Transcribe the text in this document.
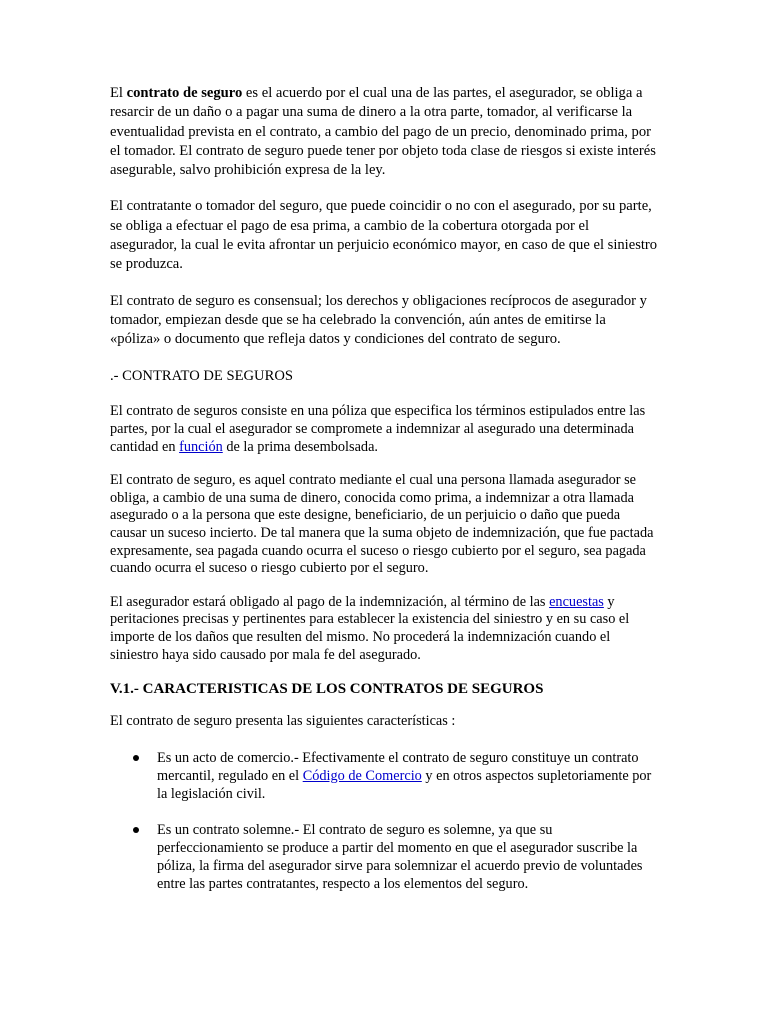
El contrato de seguro es el acuerdo por el cual una de las partes, el asegurador, se obliga a resarcir de un daño o a pagar una suma de dinero a la otra parte, tomador, al verificarse la eventualidad prevista en el contrato, a cambio del pago de un precio, denominado prima, por el tomador. El contrato de seguro puede tener por objeto toda clase de riesgos si existe interés asegurable, salvo prohibición expresa de la ley.

El contratante o tomador del seguro, que puede coincidir o no con el asegurado, por su parte, se obliga a efectuar el pago de esa prima, a cambio de la cobertura otorgada por el asegurador, la cual le evita afrontar un perjuicio económico mayor, en caso de que el siniestro se produzca.

El contrato de seguro es consensual; los derechos y obligaciones recíprocos de asegurador y tomador, empiezan desde que se ha celebrado la convención, aún antes de emitirse la «póliza» o documento que refleja datos y condiciones del contrato de seguro.

.- CONTRATO DE SEGUROS

El contrato de seguros consiste en una póliza que especifica los términos estipulados entre las partes, por la cual el asegurador se compromete a indemnizar al asegurado una determinada cantidad en función de la prima desembolsada.

El contrato de seguro, es aquel contrato mediante el cual una persona llamada asegurador se obliga, a cambio de una suma de dinero, conocida como prima, a indemnizar a otra llamada asegurado o a la persona que este designe, beneficiario, de un perjuicio o daño que pueda causar un suceso incierto. De tal manera que la suma objeto de indemnización, que fue pactada expresamente, sea pagada cuando ocurra el suceso o riesgo cubierto por el seguro, sea pagada cuando ocurra el suceso o riesgo cubierto por el seguro.

El asegurador estará obligado al pago de la indemnización, al término de las encuestas y peritaciones precisas y pertinentes para establecer la existencia del siniestro y en su caso el importe de los daños que resulten del mismo. No procederá la indemnización cuando el siniestro haya sido causado por mala fe del asegurado.

V.1.- CARACTERISTICAS DE LOS CONTRATOS DE SEGUROS

El contrato de seguro presenta las siguientes características :

Es un acto de comercio.- Efectivamente el contrato de seguro constituye un contrato mercantil, regulado en el Código de Comercio y en otros aspectos supletoriamente por la legislación civil.
Es un contrato solemne.- El contrato de seguro es solemne, ya que su perfeccionamiento se produce a partir del momento en que el asegurador suscribe la póliza, la firma del asegurador sirve para solemnizar el acuerdo previo de voluntades entre las partes contratantes, respecto a los elementos del seguro.
